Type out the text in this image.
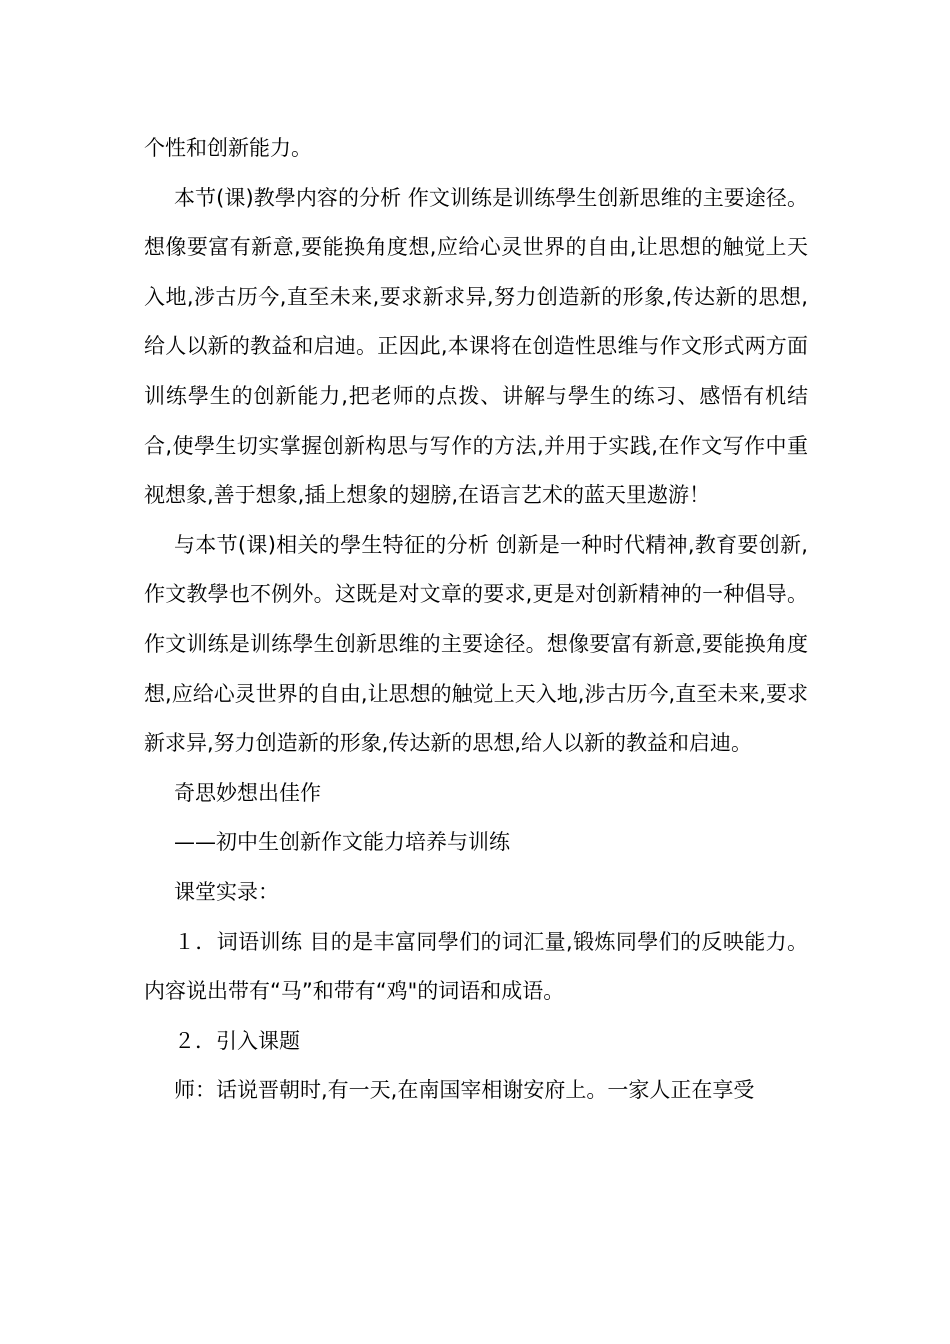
个性和创新能力。

本节(课)教學内容的分析 作文训练是训练學生创新思维的主要途径。想像要富有新意,要能换角度想,应给心灵世界的自由,让思想的触觉上天入地,涉古历今,直至未来,要求新求异,努力创造新的形象,传达新的思想,给人以新的教益和启迪。正因此,本课将在创造性思维与作文形式两方面训练學生的创新能力,把老师的点拨、讲解与學生的练习、感悟有机结合,使學生切实掌握创新构思与写作的方法,并用于实践,在作文写作中重视想象,善于想象,插上想象的翅膀,在语言艺术的蓝天里遨游！

与本节(课)相关的學生特征的分析 创新是一种时代精神,教育要创新,作文教學也不例外。这既是对文章的要求,更是对创新精神的一种倡导。作文训练是训练學生创新思维的主要途径。想像要富有新意,要能换角度想,应给心灵世界的自由,让思想的触觉上天入地,涉古历今,直至未来,要求新求异,努力创造新的形象,传达新的思想,给人以新的教益和启迪。

奇思妙想出佳作

——初中生创新作文能力培养与训练

课堂实录：

１．词语训练 目的是丰富同學们的词汇量,锻炼同學们的反映能力。内容说出带有“马”和带有“鸡"的词语和成语。

２．引入课题

师：话说晋朝时,有一天,在南国宰相谢安府上。一家人正在享受
